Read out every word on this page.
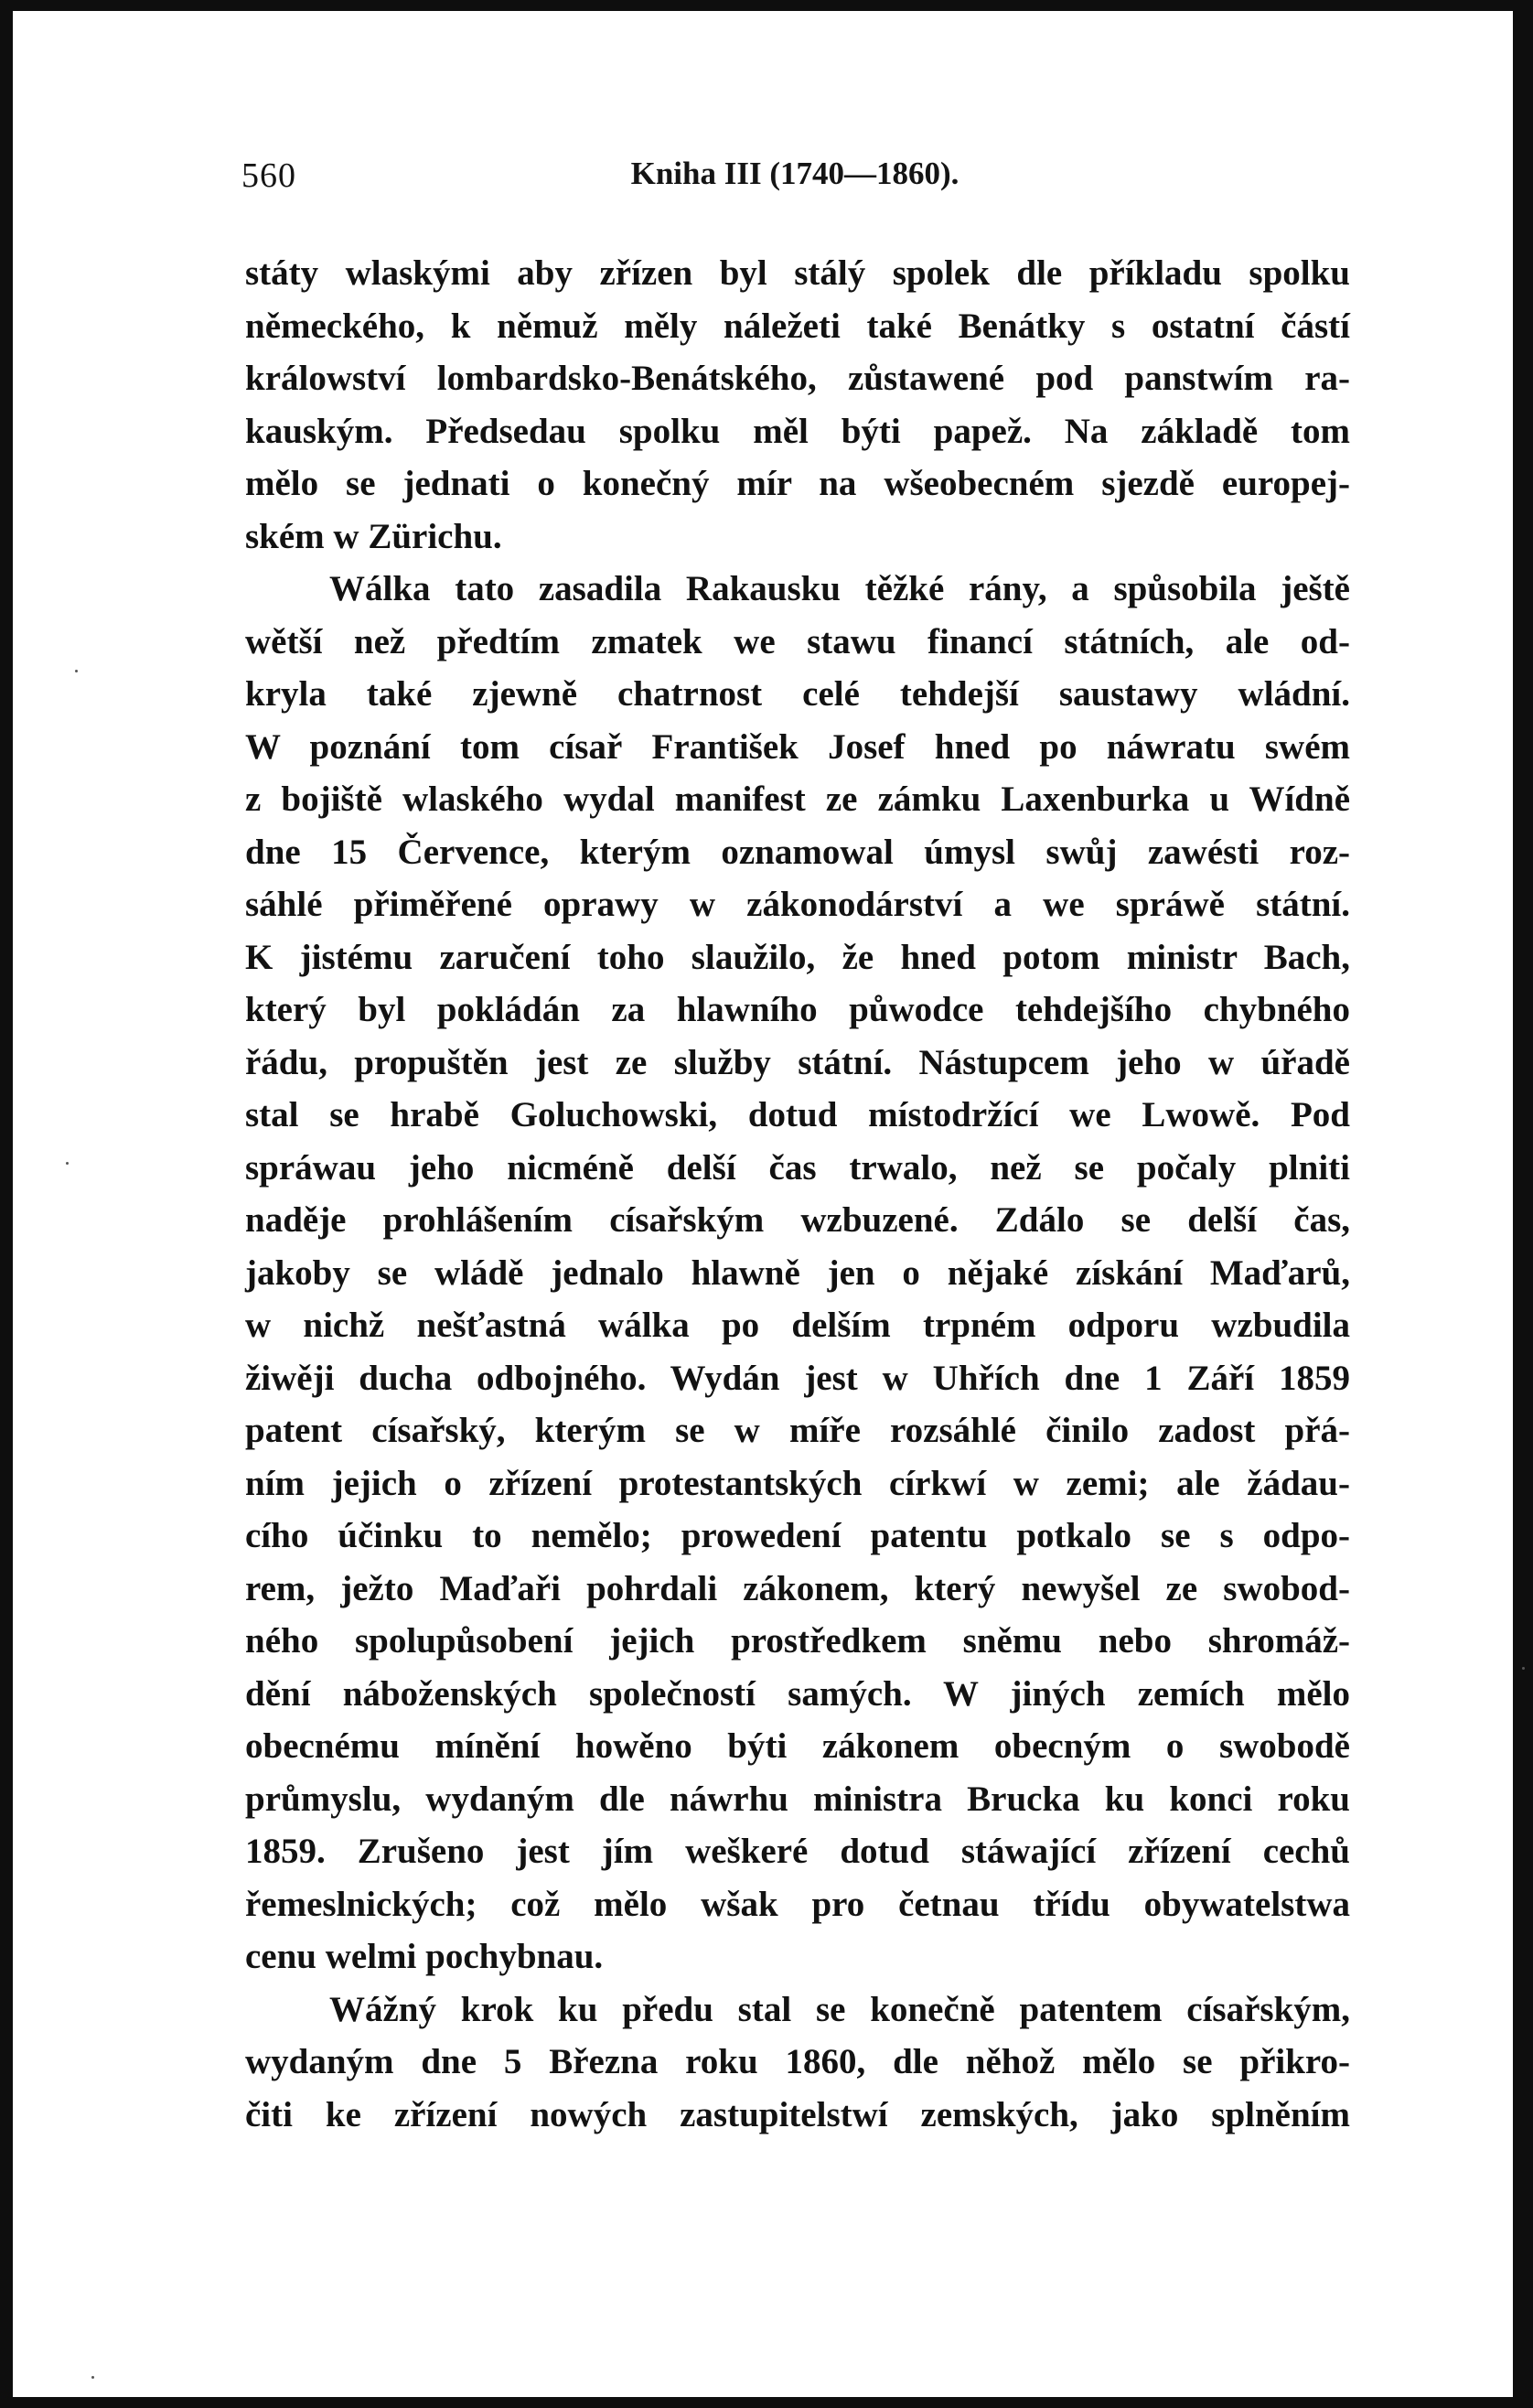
560	Kniha III (1740—1860).
státy wlaskými aby zřízen byl stálý spolek dle příkladu spolku
německého, k němuž měly náležeti také Benátky s ostatní částí
králowství lombardsko-Benátského, zůstawené pod panstwím ra-
kauským. Předsedau spolku měl býti papež. Na základě tom
mělo se jednati o konečný mír na wšeobecném sjezdě europej-
ském w Zürichu.
Wálka tato zasadila Rakausku těžké rány, a spůsobila ještě
wětší než předtím zmatek we stawu financí státních, ale od-
kryla také zjewně chatrnost celé tehdejší saustawy wládní.
W poznání tom císař František Josef hned po náwratu swém
z bojiště wlaského wydal manifest ze zámku Laxenburka u Wídně
dne 15 Července, kterým oznamowal úmysl swůj zawésti roz-
sáhlé přiměřené oprawy w zákonodárství a we spráwě státní.
K jistému zaručení toho slaužilo, že hned potom ministr Bach,
který byl pokládán za hlawního půwodce tehdejšího chybného
řádu, propuštěn jest ze služby státní. Nástupcem jeho w úřadě
stal se hrabě Goluchowski, dotud místodržící we Lwowě. Pod
spráwau jeho nicméně delší čas trwalo, než se počaly plniti
naděje prohlášením císařským wzbuzené. Zdálo se delší čas,
jakoby se wládě jednalo hlawně jen o nějaké získání Maďarů,
w nichž nešťastná wálka po delším trpném odporu wzbudila
žiwěji ducha odbojného. Wydán jest w Uhřích dne 1 Září 1859
patent císařský, kterým se w míře rozsáhlé činilo zadost přá-
ním jejich o zřízení protestantských církwí w zemi; ale žádau-
cího účinku to nemělo; prowedení patentu potkalo se s odpo-
rem, ježto Maďaři pohrdali zákonem, který newyšel ze swobod-
ného spolupůsobení jejich prostředkem sněmu nebo shromáž-
dění náboženských společností samých. W jiných zemích mělo
obecnému mínění howěno býti zákonem obecným o swobodě
průmyslu, wydaným dle náwrhu ministra Brucka ku konci roku
1859. Zrušeno jest jím weškeré dotud stáwající zřízení cechů
řemeslnických; což mělo wšak pro četnau třídu obywatelstwa
cenu welmi pochybnau.
Wážný krok ku předu stal se konečně patentem císařským,
wydaným dne 5 Března roku 1860, dle něhož mělo se přikro-
čiti ke zřízení nowých zastupitelstwí zemských, jako splněním
